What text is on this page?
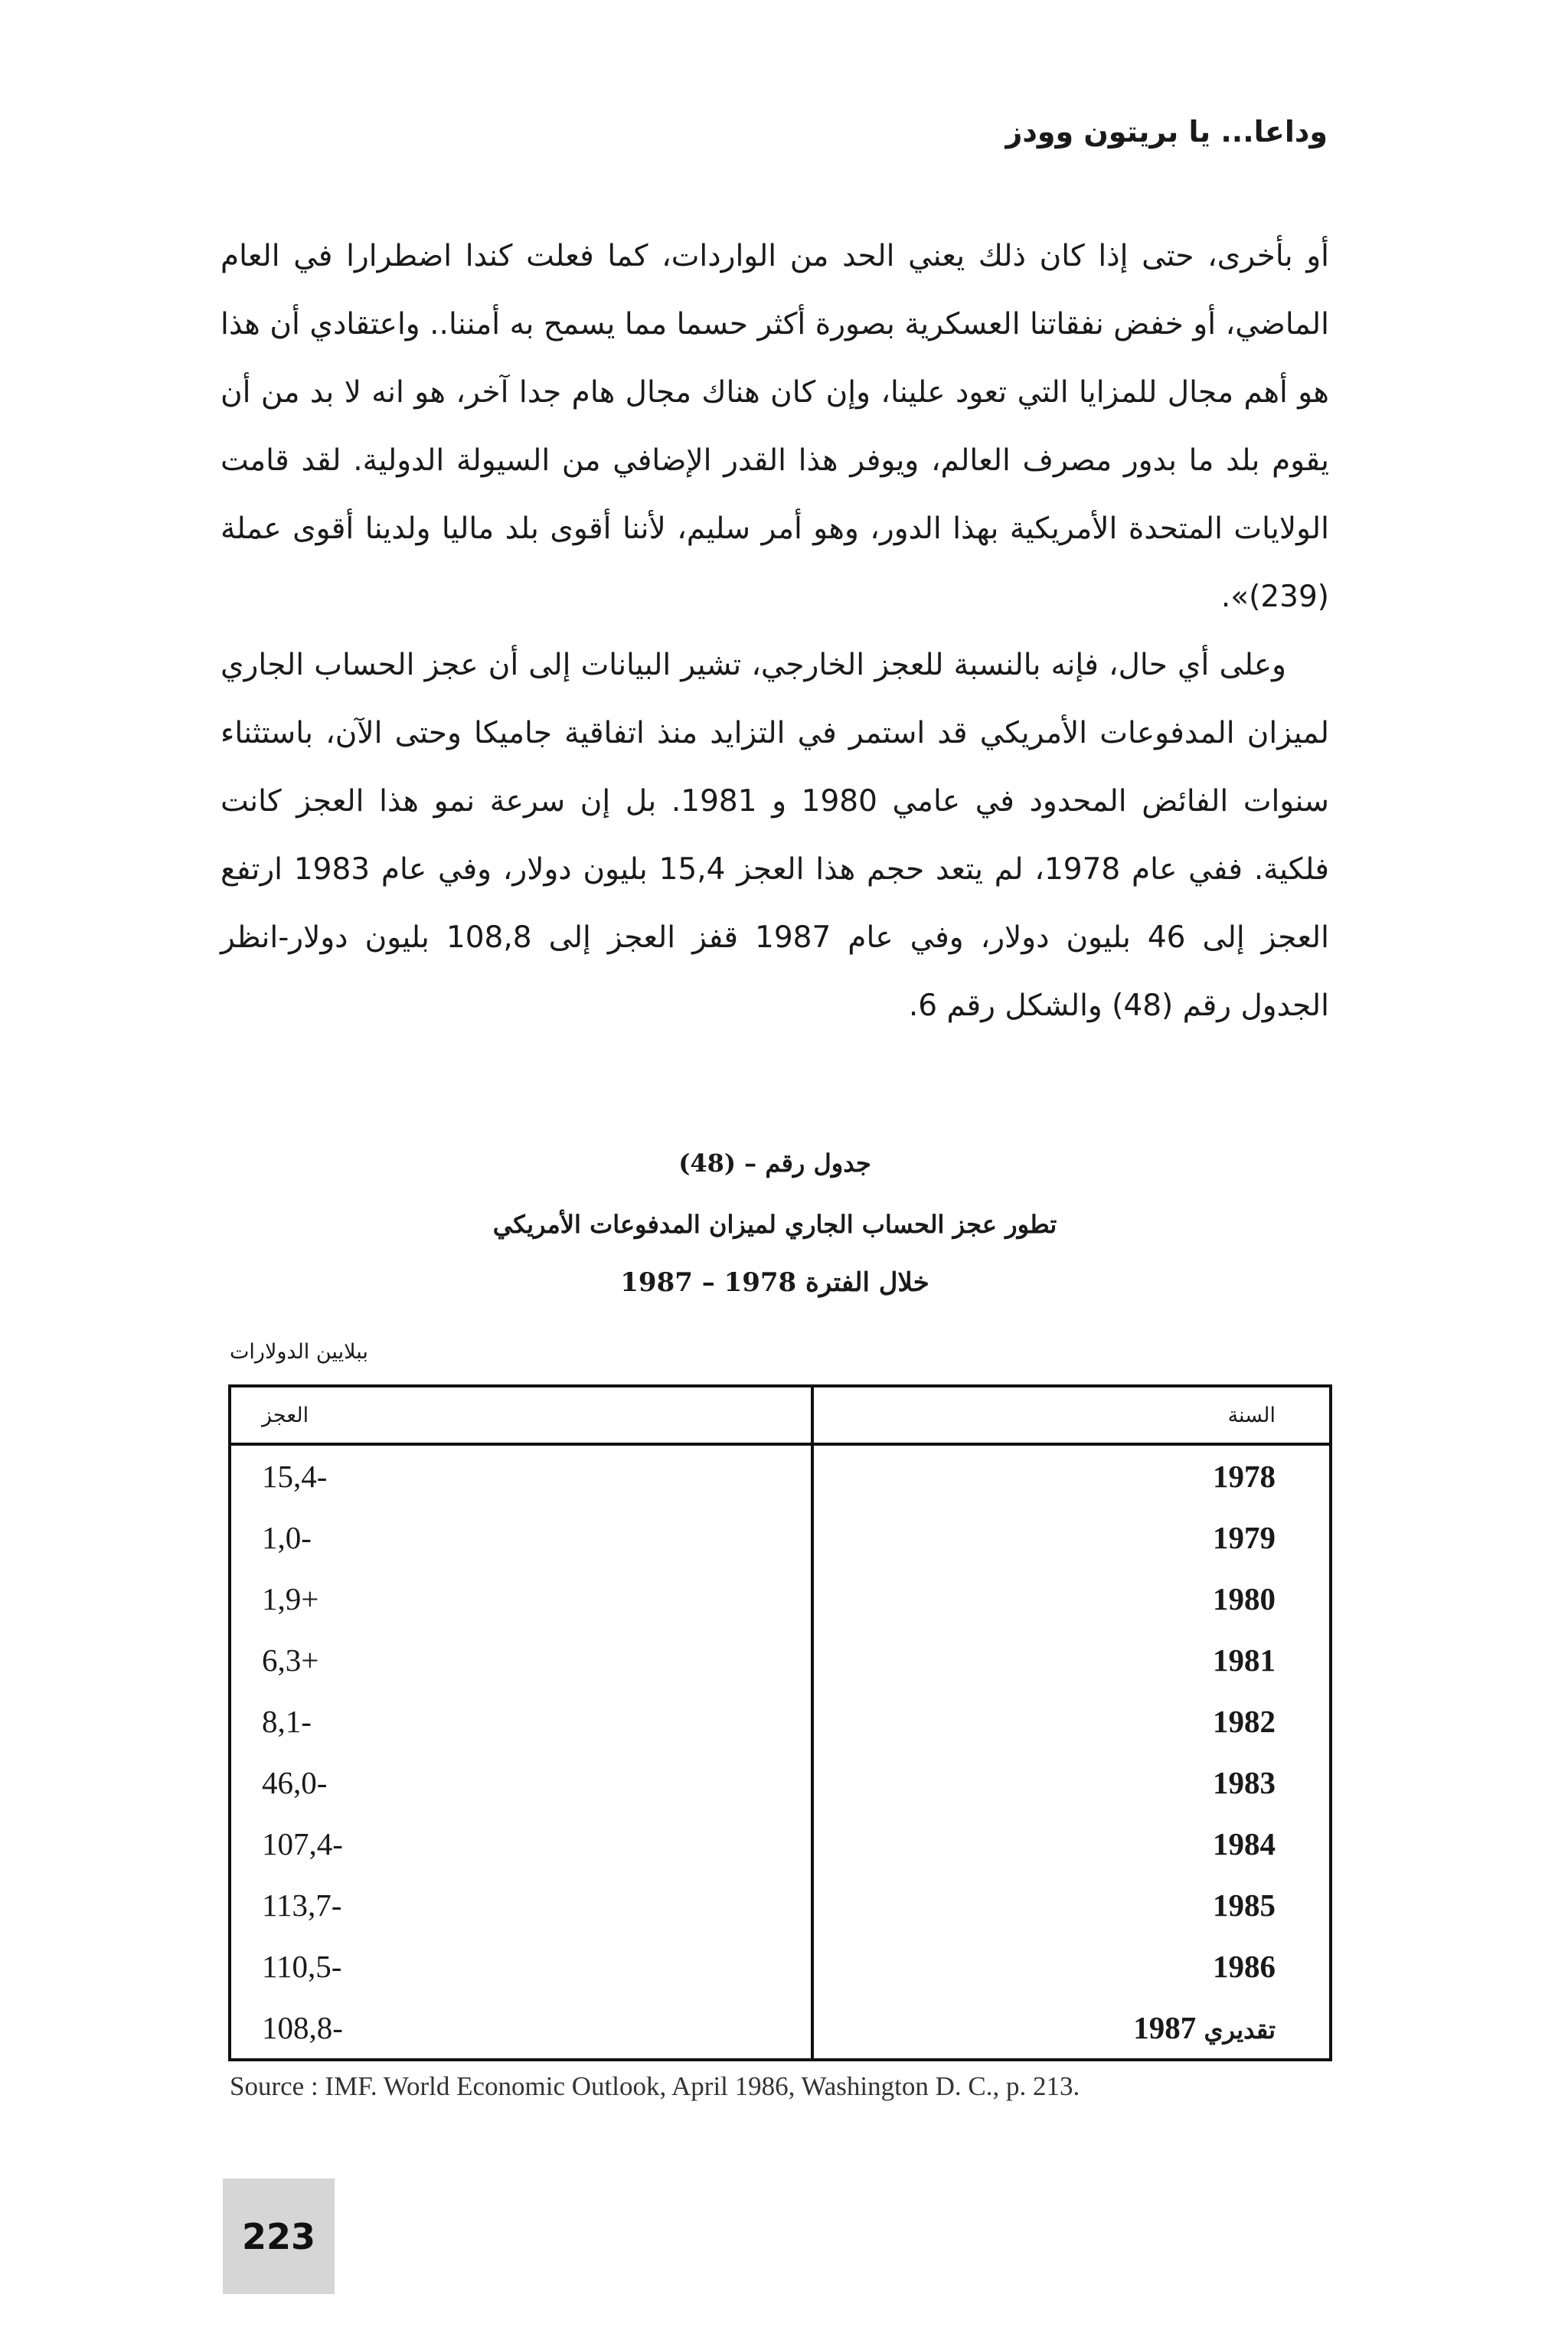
وداعا... يا بريتون وودز

أو بأخرى، حتى إذا كان ذلك يعني الحد من الواردات، كما فعلت كندا اضطرارا في العام الماضي، أو خفض نفقاتنا العسكرية بصورة أكثر حسما مما يسمح به أمننا.. واعتقادي أن هذا هو أهم مجال للمزايا التي تعود علينا، وإن كان هناك مجال هام جدا آخر، هو انه لا بد من أن يقوم بلد ما بدور مصرف العالم، ويوفر هذا القدر الإضافي من السيولة الدولية. لقد قامت الولايات المتحدة الأمريكية بهذا الدور، وهو أمر سليم، لأننا أقوى بلد ماليا ولدينا أقوى عملة (239)».

وعلى أي حال، فإنه بالنسبة للعجز الخارجي، تشير البيانات إلى أن عجز الحساب الجاري لميزان المدفوعات الأمريكي قد استمر في التزايد منذ اتفاقية جاميكا وحتى الآن، باستثناء سنوات الفائض المحدود في عامي 1980 و 1981. بل إن سرعة نمو هذا العجز كانت فلكية. ففي عام 1978، لم يتعد حجم هذا العجز 15,4 بليون دولار، وفي عام 1983 ارتفع العجز إلى 46 بليون دولار، وفي عام 1987 قفز العجز إلى 108,8 بليون دولار-انظر الجدول رقم (48) والشكل رقم 6.

جدول رقم – (48)
تطور عجز الحساب الجاري لميزان المدفوعات الأمريكي
خلال الفترة 1978 – 1987
ببلايين الدولارات
العجز	السنة
15,4-	1978
1,0-	1979
1,9+	1980
6,3+	1981
8,1-	1982
46,0-	1983
107,4-	1984
113,7-	1985
110,5-	1986
108,8-	1987 تقديري
Source : IMF. World Economic Outlook, April 1986, Washington D. C., p. 213.
223
